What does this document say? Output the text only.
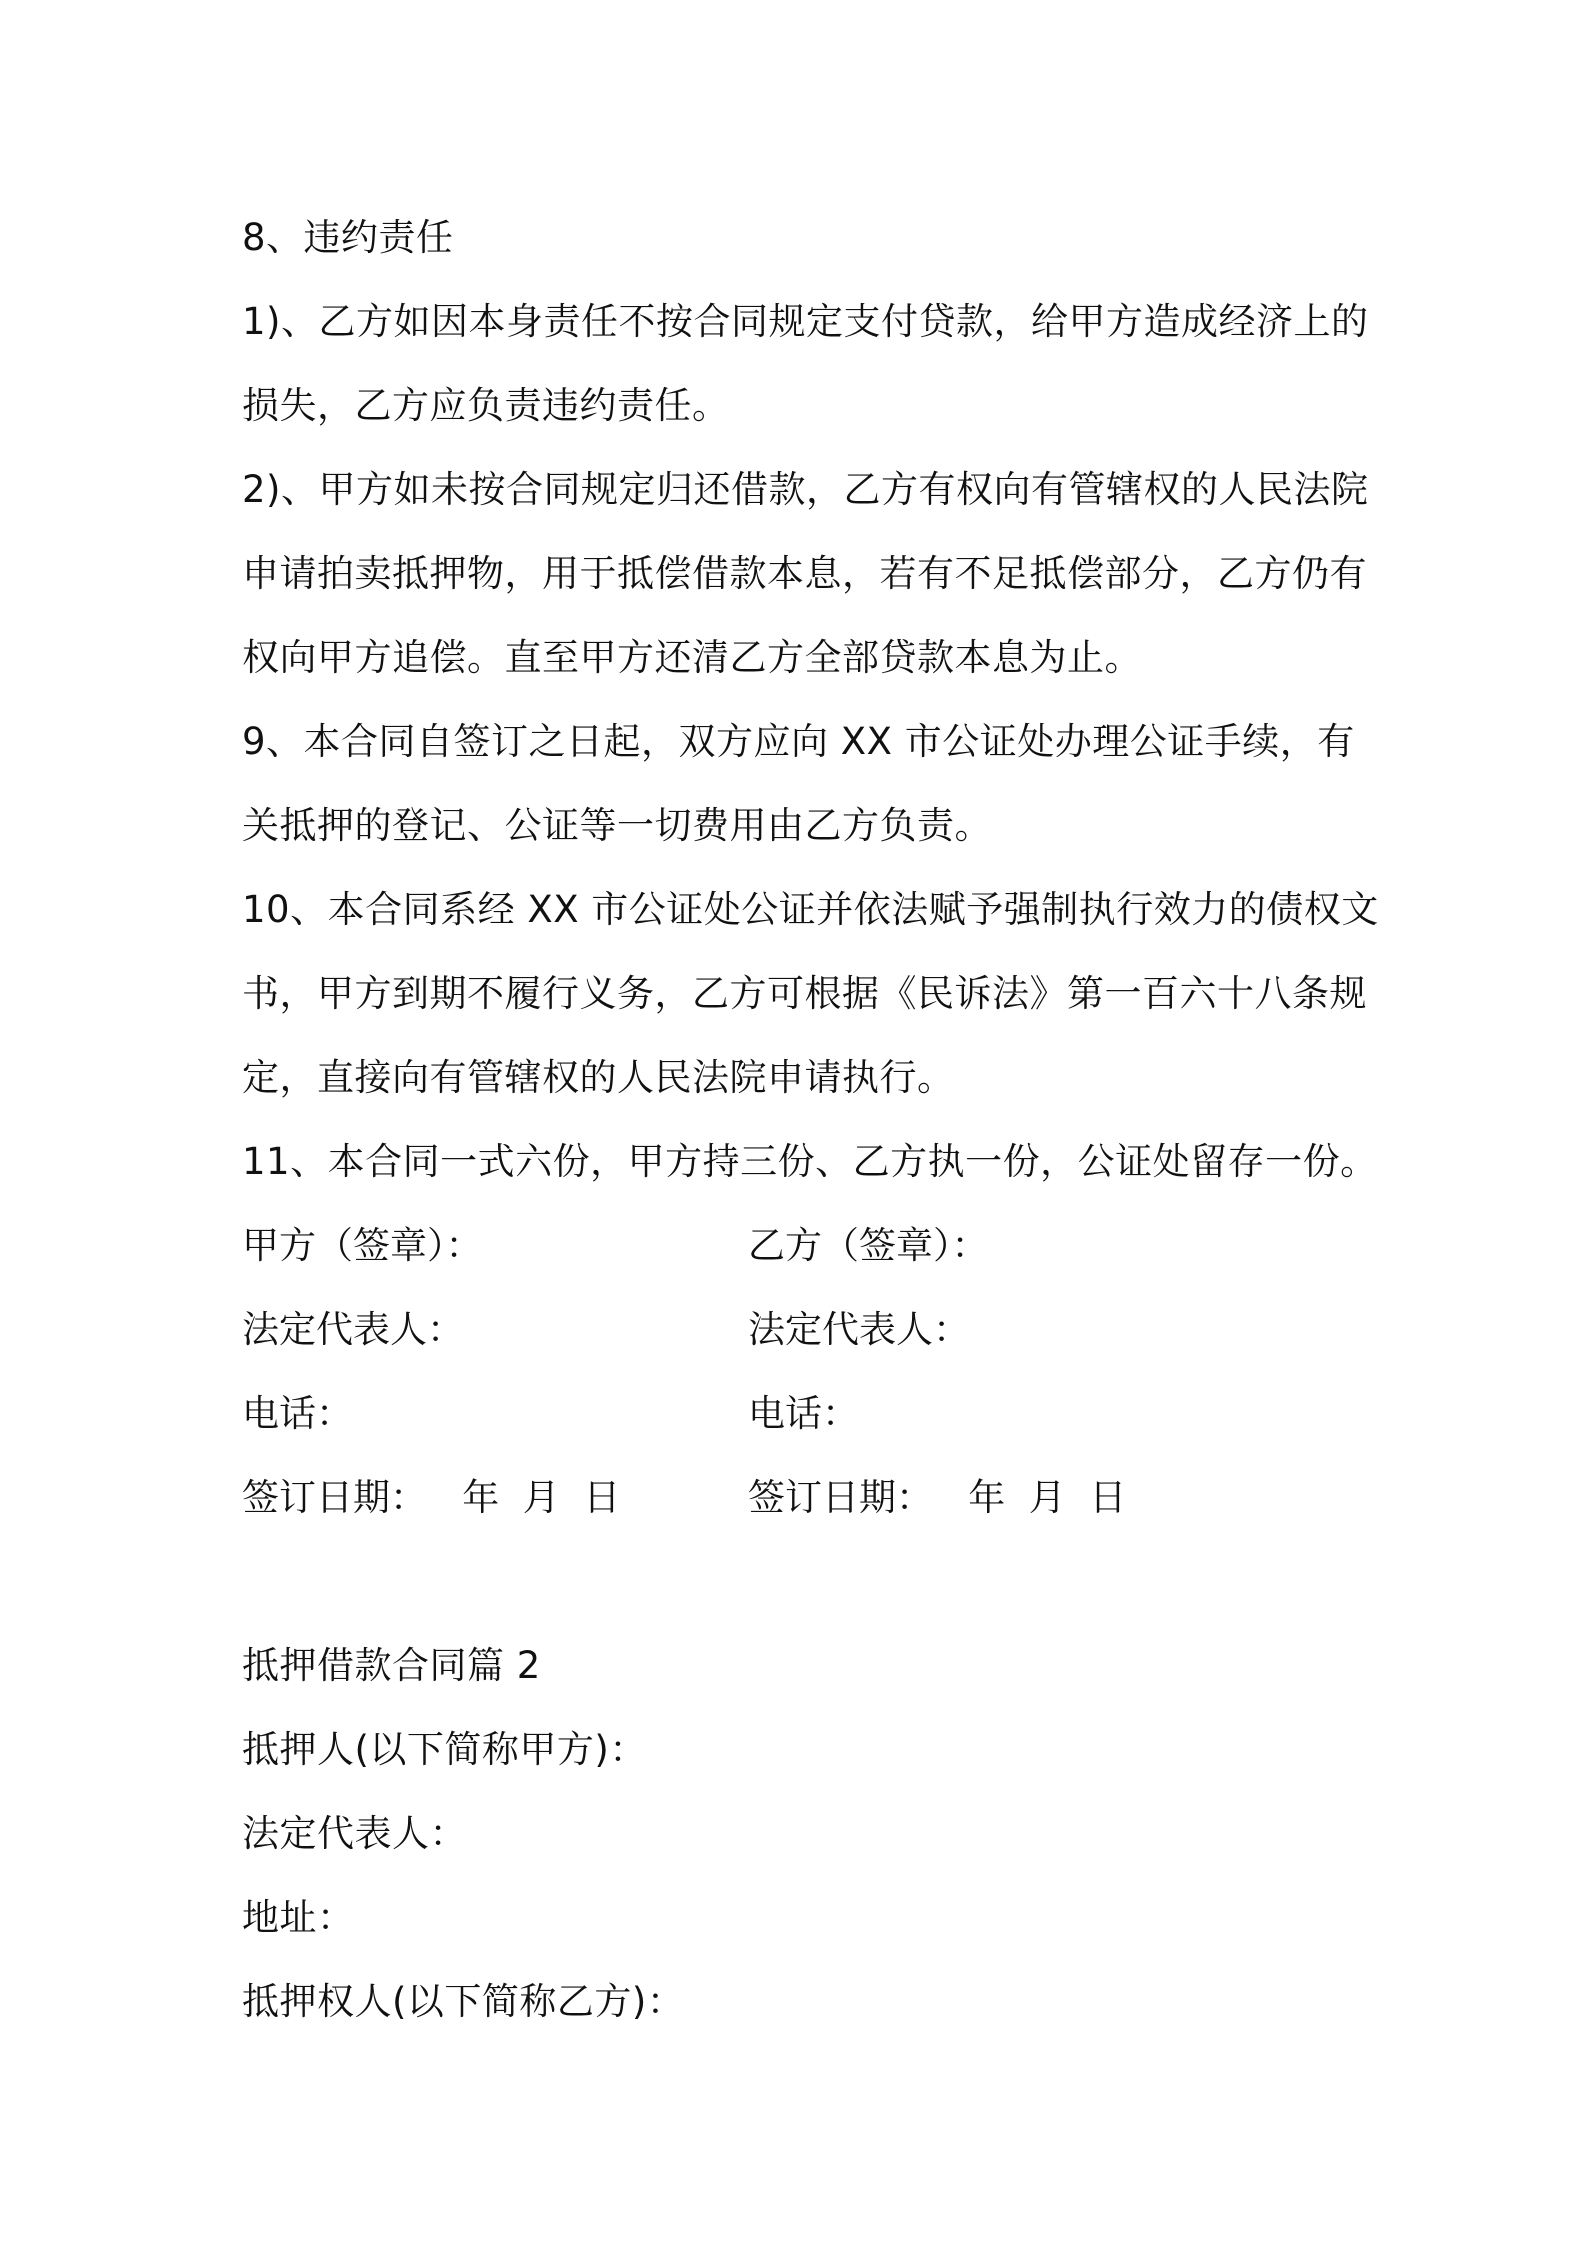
8、违约责任
1)、乙方如因本身责任不按合同规定支付贷款，给甲方造成经济上的
损失，乙方应负责违约责任。
2)、甲方如未按合同规定归还借款，乙方有权向有管辖权的人民法院
申请拍卖抵押物，用于抵偿借款本息，若有不足抵偿部分，乙方仍有
权向甲方追偿。直至甲方还清乙方全部贷款本息为止。
9、本合同自签订之日起，双方应向 XX 市公证处办理公证手续，有
关抵押的登记、公证等一切费用由乙方负责。
10、本合同系经 XX 市公证处公证并依法赋予强制执行效力的债权文
书，甲方到期不履行义务，乙方可根据《民诉法》第一百六十八条规
定，直接向有管辖权的人民法院申请执行。
11、本合同一式六份，甲方持三份、乙方执一份，公证处留存一份。
甲方（签章）：	乙方（签章）：
法定代表人：	法定代表人：
电话：	电话：
签订日期：   年  月  日	签订日期：   年  月  日
抵押借款合同篇 2
抵押人(以下简称甲方)：
法定代表人：
地址：
抵押权人(以下简称乙方)：
